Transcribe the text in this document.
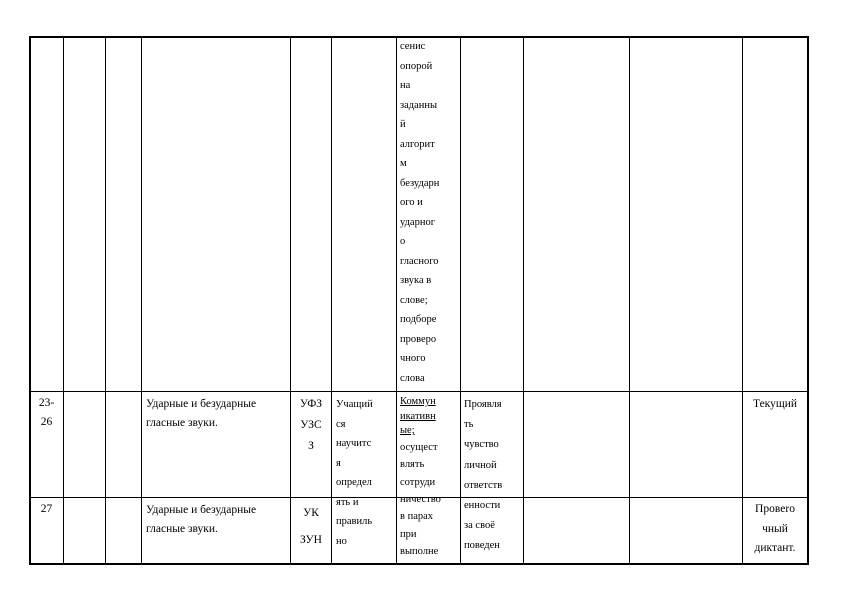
сенис
опорой
на
заданны
й
алгорит
м
безударн
ого и
ударног
о
гласного
звука в
слове;
подборе
проверо
чного
слова
23-
26
Ударные и безударные
гласные звуки.
УФЗ
УЗС
З
Учащий
ся
научитс
я
определ
ять и
правиль
но
Коммун
икативн
ые;
осущест
влять
сотруди
ничество
в парах
при
выполне
Проявля
ть
чувство
личной
ответств
енности
за своё
поведен
Текущий
27	Ударные и безударные
гласные звуки.
УК
ЗУН
Провero
чный
диктант.
